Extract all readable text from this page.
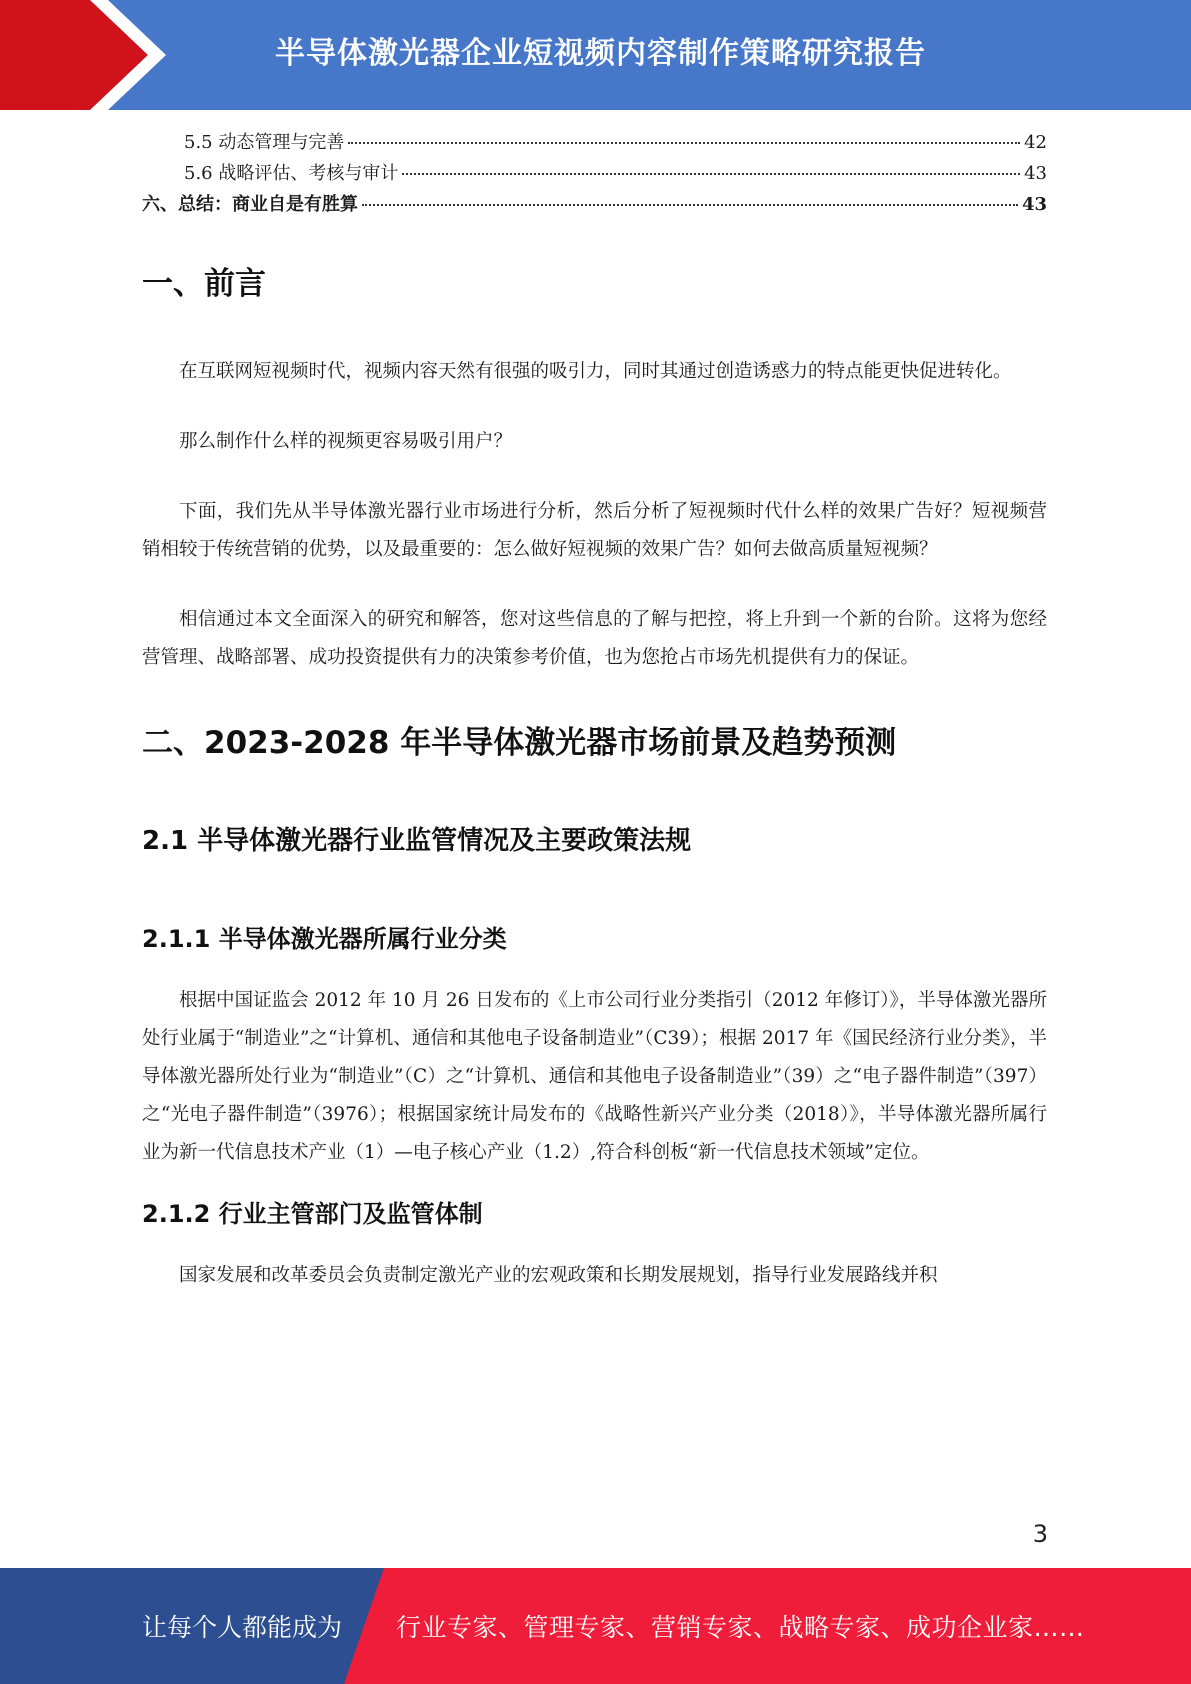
半导体激光器企业短视频内容制作策略研究报告
5.5 动态管理与完善	42
5.6 战略评估、考核与审计	43
六、总结：商业自是有胜算	43
一、前言

在互联网短视频时代，视频内容天然有很强的吸引力，同时其通过创造诱惑力的特点能更快促进转化。

那么制作什么样的视频更容易吸引用户？

下面，我们先从半导体激光器行业市场进行分析，然后分析了短视频时代什么样的效果广告好？短视频营销相较于传统营销的优势，以及最重要的：怎么做好短视频的效果广告？如何去做高质量短视频？

相信通过本文全面深入的研究和解答，您对这些信息的了解与把控，将上升到一个新的台阶。这将为您经营管理、战略部署、成功投资提供有力的决策参考价值，也为您抢占市场先机提供有力的保证。

二、2023-2028 年半导体激光器市场前景及趋势预测
2.1 半导体激光器行业监管情况及主要政策法规
2.1.1 半导体激光器所属行业分类

根据中国证监会 2012 年 10 月 26 日发布的《上市公司行业分类指引（2012 年修订）》，半导体激光器所处行业属于“制造业”之“计算机、通信和其他电子设备制造业”（C39）；根据 2017 年《国民经济行业分类》，半导体激光器所处行业为“制造业”（C）之“计算机、通信和其他电子设备制造业”（39）之“电子器件制造”（397）之“光电子器件制造”（3976）；根据国家统计局发布的《战略性新兴产业分类（2018）》，半导体激光器所属行业为新一代信息技术产业（1）—电子核心产业（1.2）,符合科创板“新一代信息技术领域”定位。

2.1.2 行业主管部门及监管体制

国家发展和改革委员会负责制定激光产业的宏观政策和长期发展规划，指导行业发展路线并积

3
让每个人都能成为 行业专家、管理专家、营销专家、战略专家、成功企业家……
